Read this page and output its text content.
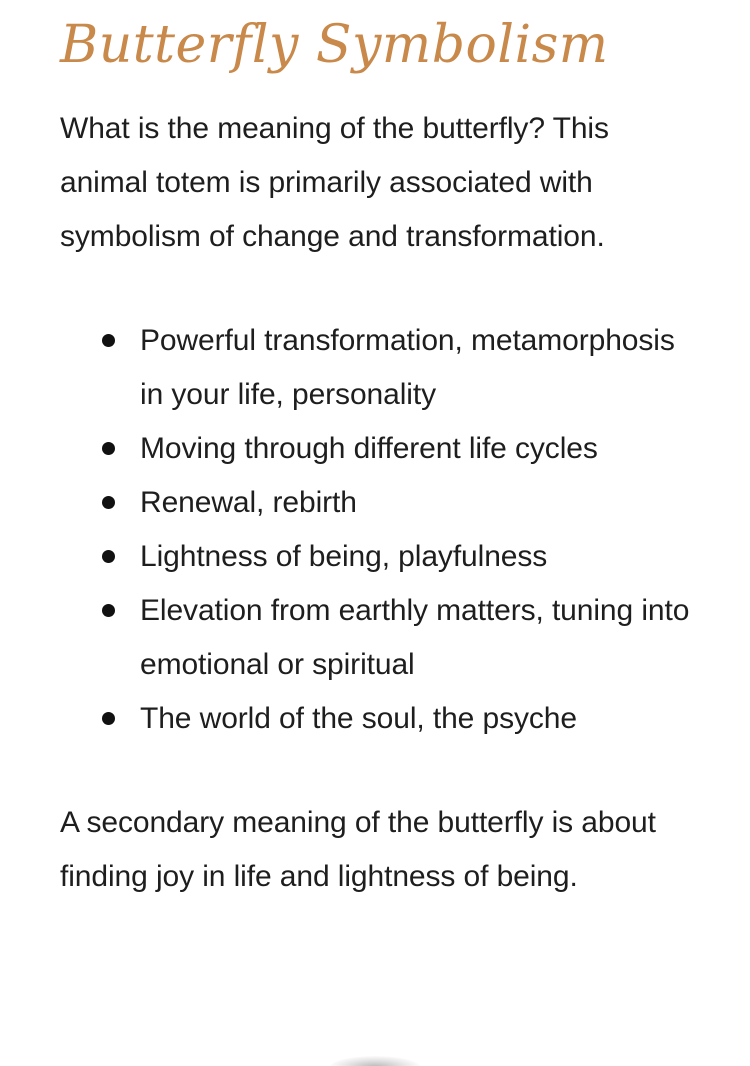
Butterfly Symbolism

What is the meaning of the butterfly? This animal totem is primarily associated with symbolism of change and transformation.

Powerful transformation, metamorphosis in your life, personality
Moving through different life cycles
Renewal, rebirth
Lightness of being, playfulness
Elevation from earthly matters, tuning into emotional or spiritual
The world of the soul, the psyche

A secondary meaning of the butterfly is about finding joy in life and lightness of being.
